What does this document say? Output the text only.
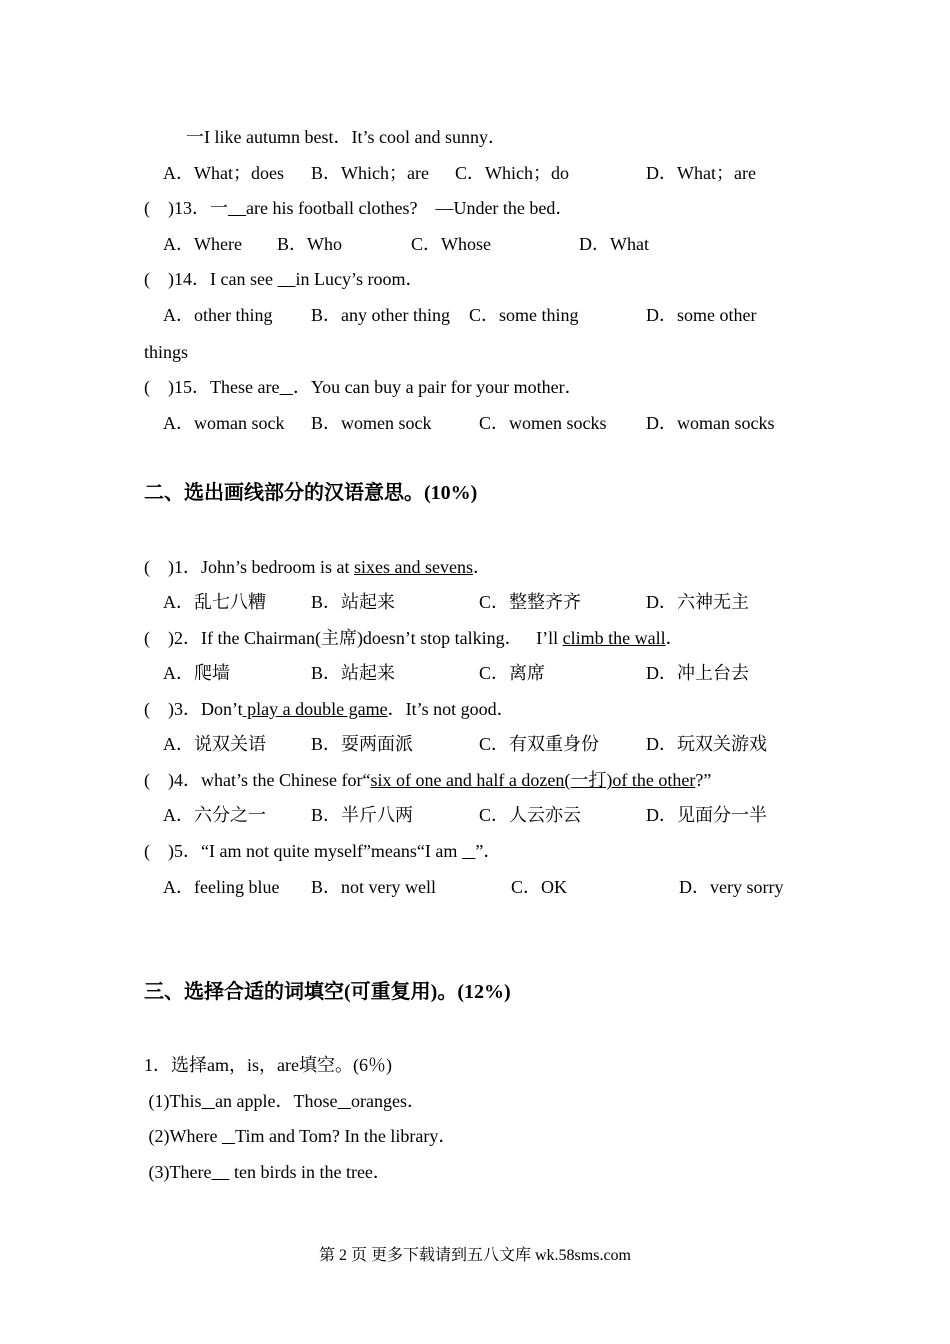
一I like autumn best．It’s cool and sunny．
A．What；does B．Which；are C．Which；do	D．What；are
(    )13．一 are his football clothes?    —Under the bed．
A．Where B．Who	C．Whose	D．What
(    )14．I can see     in Lucy’s room．
A．other thing B．any other thing C．some thing	D．some other
things
(    )15．These are ．You can buy a pair for your mother．
A．woman sock B．women sock	C．women socks D．woman socks
二、选出画线部分的汉语意思。(10%)
(    )1．John’s bedroom is at sixes and sevens．
A．乱七八糟	B．站起来	C．整整齐齐	D．六神无主
(    )2．If the Chairman(主席)doesn’t stop talking．   I’ll climb the wall．
A．爬墙	B．站起来	C．离席	D．冲上台去
(    )3．Don’t play a double game．It’s not good．
A．说双关语	B．耍两面派	C．有双重身份	D．玩双关游戏
(    )4．what’s the Chinese for“six of one and half a dozen(一打)of the other?”
A．六分之一	B．半斤八两	C．人云亦云	D．见面分一半
(    )5．“I am not quite myself”means“I am    ”．
A．feeling blue B．not very well	C．OK	D．very sorry
三、选择合适的词填空(可重复用)。(12%)
1．选择am，is，are填空。(6％)
(1)This an apple．Those oranges．
(2)Where    Tim and Tom? In the library．
(3)There     ten birds in the tree．
第 2 页 更多下载请到五八文库 wk.58sms.com
